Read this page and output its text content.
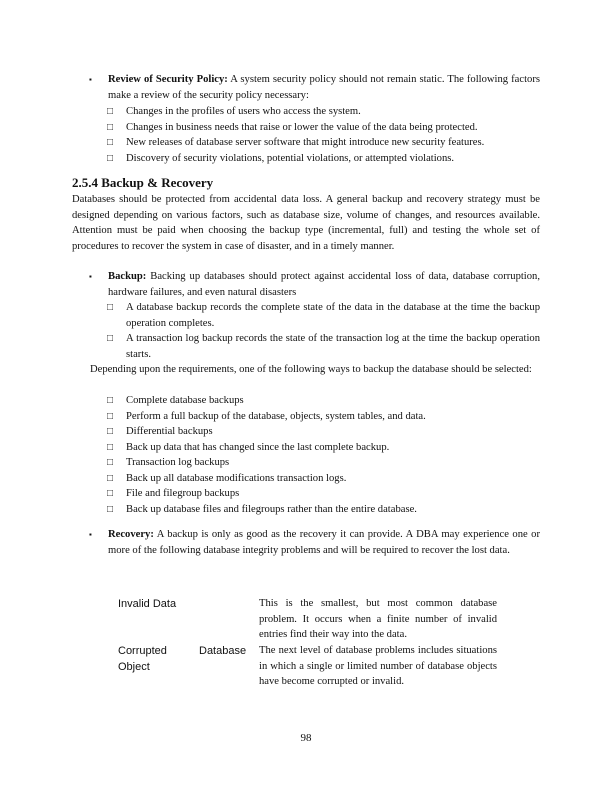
▪ Review of Security Policy: A system security policy should not remain static. The following factors make a review of the security policy necessary:
□ Changes in the profiles of users who access the system.
□ Changes in business needs that raise or lower the value of the data being protected.
□ New releases of database server software that might introduce new security features.
□ Discovery of security violations, potential violations, or attempted violations.
2.5.4 Backup & Recovery
Databases should be protected from accidental data loss. A general backup and recovery strategy must be designed depending on various factors, such as database size, volume of changes, and resources available. Attention must be paid when choosing the backup type (incremental, full) and testing the whole set of procedures to recover the system in case of disaster, and in a timely manner.
▪ Backup: Backing up databases should protect against accidental loss of data, database corruption, hardware failures, and even natural disasters
□ A database backup records the complete state of the data in the database at the time the backup operation completes.
□ A transaction log backup records the state of the transaction log at the time the backup operation starts.
Depending upon the requirements, one of the following ways to backup the database should be selected:
□ Complete database backups
□ Perform a full backup of the database, objects, system tables, and data.
□ Differential backups
□ Back up data that has changed since the last complete backup.
□ Transaction log backups
□ Back up all database modifications transaction logs.
□ File and filegroup backups
□ Back up database files and filegroups rather than the entire database.
▪ Recovery: A backup is only as good as the recovery it can provide. A DBA may experience one or more of the following database integrity problems and will be required to recover the lost data.
Invalid Data	This is the smallest, but most common database problem. It occurs when a finite number of invalid entries find their way into the data.
Corrupted	Database
Object
The next level of database problems includes situations in which a single or limited number of database objects have become corrupted or invalid.
98
